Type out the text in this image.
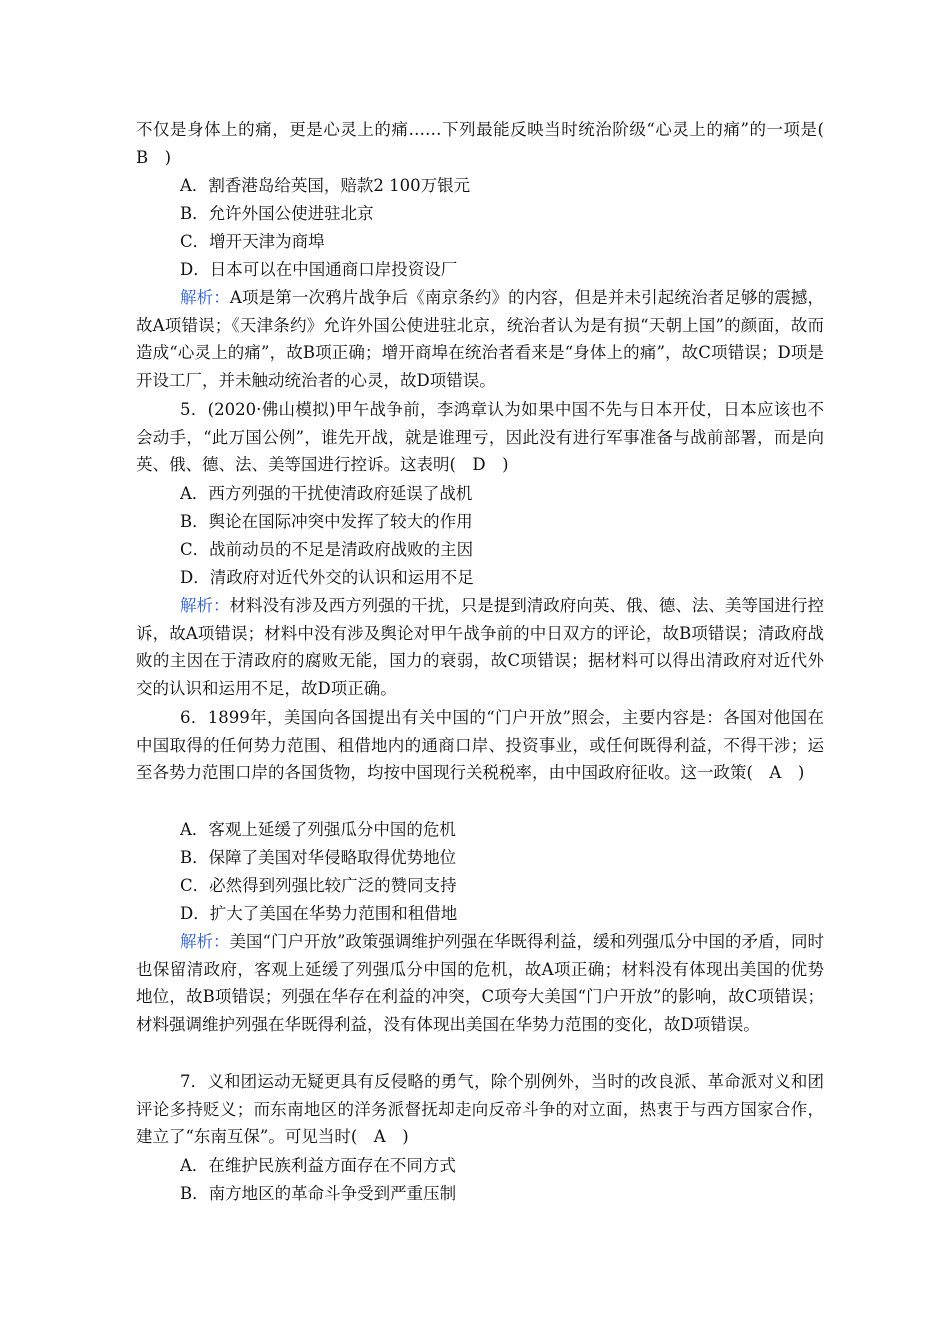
不仅是身体上的痛，更是心灵上的痛……下列最能反映当时统治阶级“心灵上的痛”的一项是(　B　)

A．割香港岛给英国，赔款2 100万银元

B．允许外国公使进驻北京

C．增开天津为商埠

D．日本可以在中国通商口岸投资设厂

解析：A项是第一次鸦片战争后《南京条约》的内容，但是并未引起统治者足够的震撼，故A项错误；《天津条约》允许外国公使进驻北京，统治者认为是有损“天朝上国”的颜面，故而造成“心灵上的痛”，故B项正确；增开商埠在统治者看来是“身体上的痛”，故C项错误；D项是开设工厂，并未触动统治者的心灵，故D项错误。

5．(2020·佛山模拟)甲午战争前，李鸿章认为如果中国不先与日本开仗，日本应该也不会动手，“此万国公例”，谁先开战，就是谁理亏，因此没有进行军事准备与战前部署，而是向英、俄、德、法、美等国进行控诉。这表明(　D　)

A．西方列强的干扰使清政府延误了战机

B．舆论在国际冲突中发挥了较大的作用

C．战前动员的不足是清政府战败的主因

D．清政府对近代外交的认识和运用不足

解析：材料没有涉及西方列强的干扰，只是提到清政府向英、俄、德、法、美等国进行控诉，故A项错误；材料中没有涉及舆论对甲午战争前的中日双方的评论，故B项错误；清政府战败的主因在于清政府的腐败无能，国力的衰弱，故C项错误；据材料可以得出清政府对近代外交的认识和运用不足，故D项正确。

6．1899年，美国向各国提出有关中国的“门户开放”照会，主要内容是：各国对他国在中国取得的任何势力范围、租借地内的通商口岸、投资事业，或任何既得利益，不得干涉；运至各势力范围口岸的各国货物，均按中国现行关税税率，由中国政府征收。这一政策(　A　)

A．客观上延缓了列强瓜分中国的危机

B．保障了美国对华侵略取得优势地位

C．必然得到列强比较广泛的赞同支持

D．扩大了美国在华势力范围和租借地

解析：美国“门户开放”政策强调维护列强在华既得利益，缓和列强瓜分中国的矛盾，同时也保留清政府，客观上延缓了列强瓜分中国的危机，故A项正确；材料没有体现出美国的优势地位，故B项错误；列强在华存在利益的冲突，C项夸大美国“门户开放”的影响，故C项错误；材料强调维护列强在华既得利益，没有体现出美国在华势力范围的变化，故D项错误。

7．义和团运动无疑更具有反侵略的勇气，除个别例外，当时的改良派、革命派对义和团评论多持贬义；而东南地区的洋务派督抚却走向反帝斗争的对立面，热衷于与西方国家合作，建立了“东南互保”。可见当时(　A　)

A．在维护民族利益方面存在不同方式

B．南方地区的革命斗争受到严重压制
